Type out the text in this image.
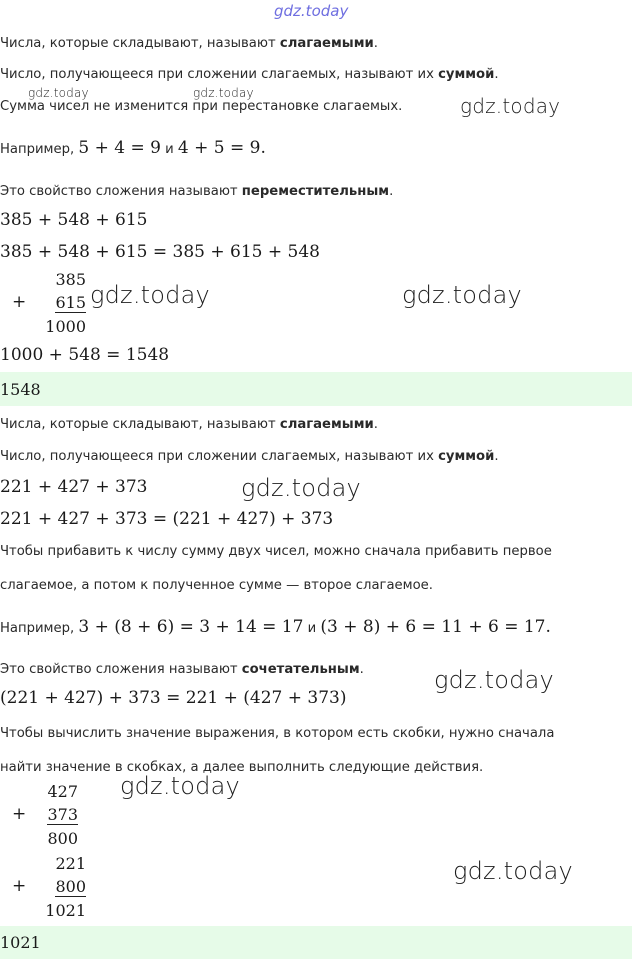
gdz.today
Числа, которые складывают, называют слагаемыми.
Число, получающееся при сложении слагаемых, называют их суммой.
gdz.today	gdz.today
Сумма чисел не изменится при перестановке слагаемых.	gdz.today
Например, 5 + 4 = 9 и 4 + 5 = 9.
Это свойство сложения называют переместительным.
385 + 548 + 615
385 + 548 + 615 = 385 + 615 + 548
+
385
615
1000
gdz.today	gdz.today
1000 + 548 = 1548
1548
Числа, которые складывают, называют слагаемыми.
Число, получающееся при сложении слагаемых, называют их суммой.
221 + 427 + 373	gdz.today
221 + 427 + 373 = (221 + 427) + 373
Чтобы прибавить к числу сумму двух чисел, можно сначала прибавить первое
слагаемое, а потом к полученное сумме — второе слагаемое.
Например, 3 + (8 + 6) = 3 + 14 = 17 и (3 + 8) + 6 = 11 + 6 = 17.
Это свойство сложения называют сочетательным.	gdz.today
(221 + 427) + 373 = 221 + (427 + 373)
Чтобы вычислить значение выражения, в котором есть скобки, нужно сначала
найти значение в скобках, а далее выполнить следующие действия.
+
427
373
800
gdz.today
+
221
800
1021
gdz.today
1021
